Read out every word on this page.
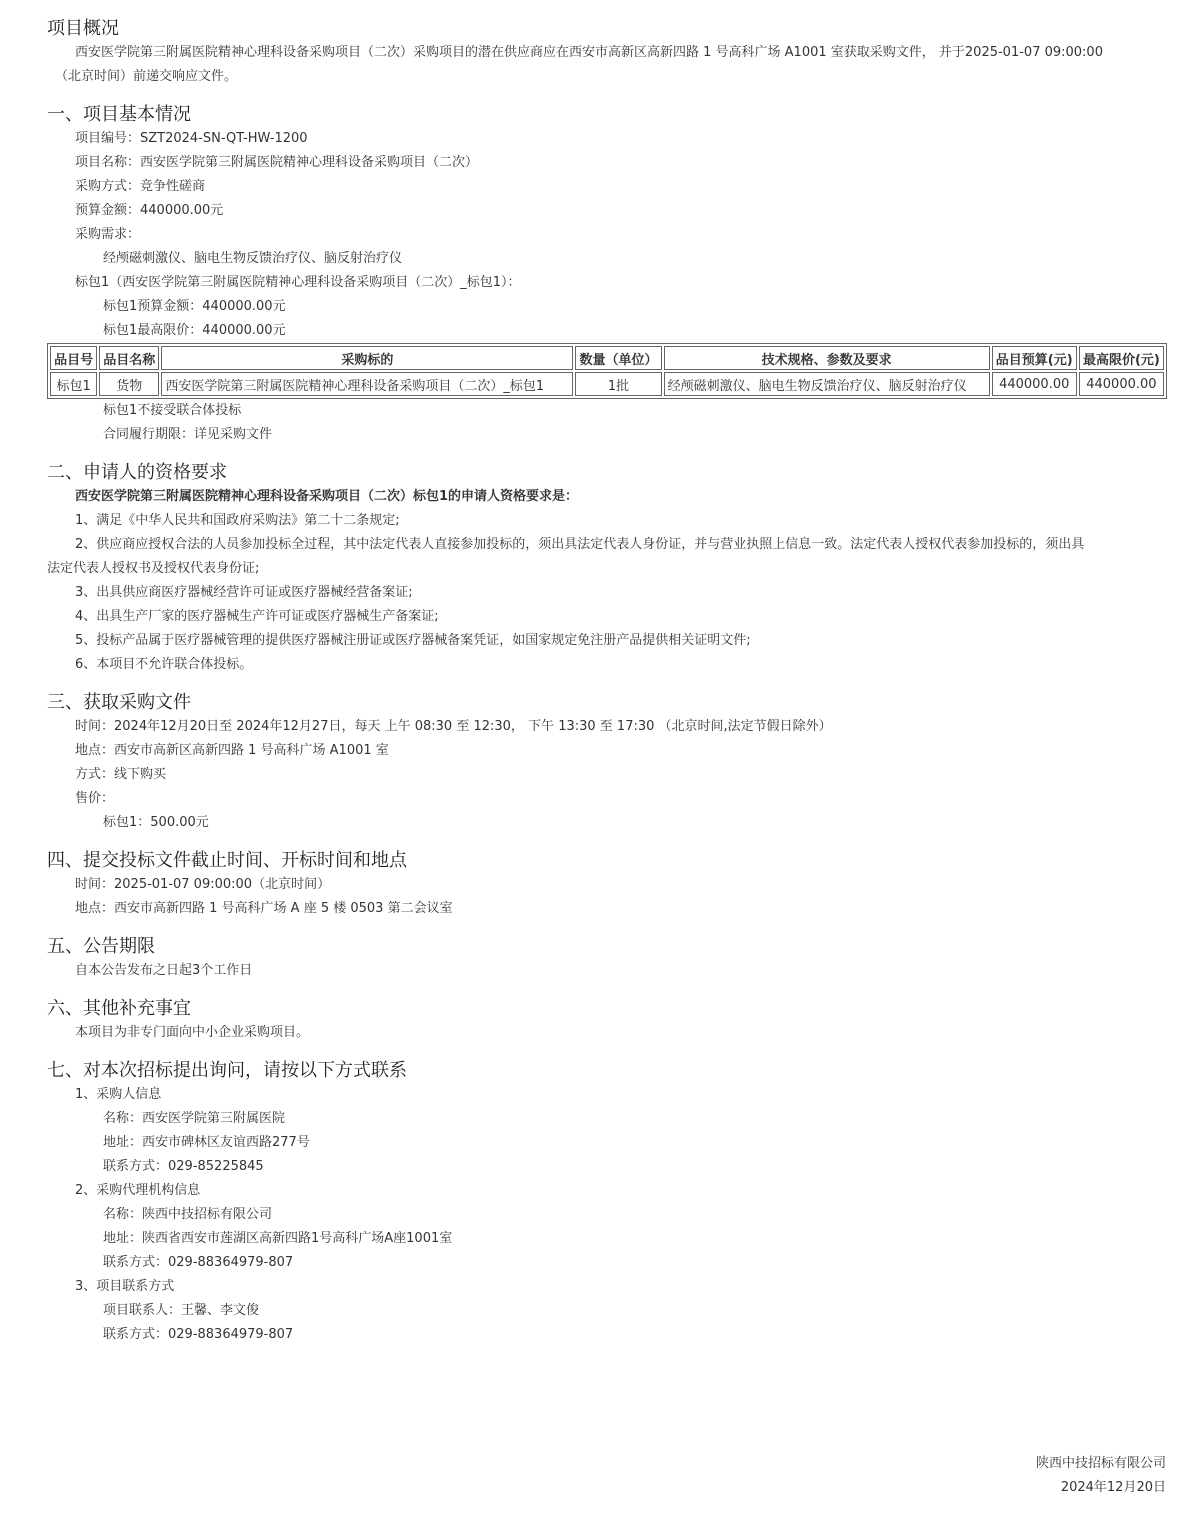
项目概况
西安医学院第三附属医院精神心理科设备采购项目（二次）采购项目的潜在供应商应在西安市高新区高新四路 1 号高科广场 A1001 室获取采购文件， 并于2025-01-07 09:00:00
（北京时间）前递交响应文件。
一、项目基本情况
项目编号：SZT2024-SN-QT-HW-1200
项目名称：西安医学院第三附属医院精神心理科设备采购项目（二次）
采购方式：竞争性磋商
预算金额：440000.00元
采购需求：
经颅磁刺激仪、脑电生物反馈治疗仪、脑反射治疗仪
标包1（西安医学院第三附属医院精神心理科设备采购项目（二次）_标包1）：
标包1预算金额：440000.00元
标包1最高限价：440000.00元
品目号	品目名称	采购标的	数量（单位）	技术规格、参数及要求	品目预算(元)	最高限价(元)
标包1	货物	西安医学院第三附属医院精神心理科设备采购项目（二次）_标包1	1批	经颅磁刺激仪、脑电生物反馈治疗仪、脑反射治疗仪	440000.00	440000.00
标包1不接受联合体投标
合同履行期限：详见采购文件
二、申请人的资格要求
西安医学院第三附属医院精神心理科设备采购项目（二次）标包1的申请人资格要求是：
1、满足《中华人民共和国政府采购法》第二十二条规定;
2、供应商应授权合法的人员参加投标全过程，其中法定代表人直接参加投标的，须出具法定代表人身份证，并与营业执照上信息一致。法定代表人授权代表参加投标的，须出具
法定代表人授权书及授权代表身份证;
3、出具供应商医疗器械经营许可证或医疗器械经营备案证;
4、出具生产厂家的医疗器械生产许可证或医疗器械生产备案证;
5、投标产品属于医疗器械管理的提供医疗器械注册证或医疗器械备案凭证，如国家规定免注册产品提供相关证明文件;
6、本项目不允许联合体投标。
三、获取采购文件
时间：2024年12月20日至 2024年12月27日，每天 上午 08:30 至 12:30， 下午 13:30 至 17:30 （北京时间,法定节假日除外）
地点：西安市高新区高新四路 1 号高科广场 A1001 室
方式：线下购买
售价：
标包1：500.00元
四、提交投标文件截止时间、开标时间和地点
时间：2025-01-07 09:00:00（北京时间）
地点：西安市高新四路 1 号高科广场 A 座 5 楼 0503 第二会议室
五、公告期限
自本公告发布之日起3个工作日
六、其他补充事宜
本项目为非专门面向中小企业采购项目。
七、对本次招标提出询问，请按以下方式联系
1、采购人信息
名称：西安医学院第三附属医院
地址：西安市碑林区友谊西路277号
联系方式：029-85225845
2、采购代理机构信息
名称：陕西中技招标有限公司
地址：陕西省西安市莲湖区高新四路1号高科广场A座1001室
联系方式：029-88364979-807
3、项目联系方式
项目联系人：王馨、李文俊
联系方式：029-88364979-807
陕西中技招标有限公司
2024年12月20日
